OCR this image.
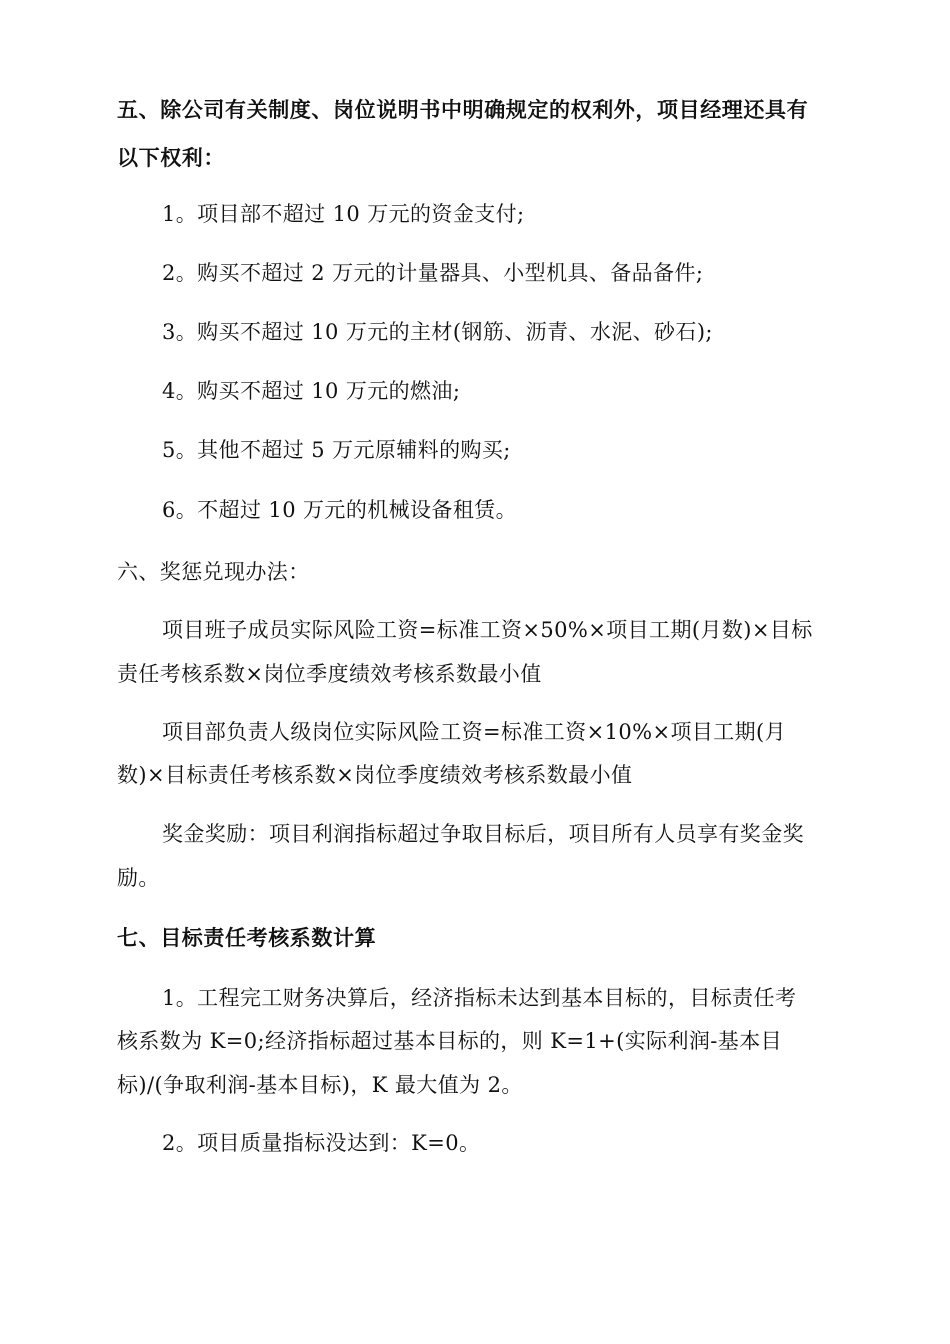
五、除公司有关制度、岗位说明书中明确规定的权利外，项目经理还具有
以下权利：
1。项目部不超过 10 万元的资金支付;
2。购买不超过 2 万元的计量器具、小型机具、备品备件;
3。购买不超过 10 万元的主材(钢筋、沥青、水泥、砂石);
4。购买不超过 10 万元的燃油;
5。其他不超过 5 万元原辅料的购买;
6。不超过 10 万元的机械设备租赁。
六、奖惩兑现办法：
项目班子成员实际风险工资=标准工资×50%×项目工期(月数)×目标
责任考核系数×岗位季度绩效考核系数最小值
项目部负责人级岗位实际风险工资=标准工资×10%×项目工期(月
数)×目标责任考核系数×岗位季度绩效考核系数最小值
奖金奖励：项目利润指标超过争取目标后，项目所有人员享有奖金奖
励。
七、目标责任考核系数计算
1。工程完工财务决算后，经济指标未达到基本目标的，目标责任考
核系数为 K=0;经济指标超过基本目标的，则 K=1+(实际利润-基本目
标)/(争取利润-基本目标)，K 最大值为 2。
2。项目质量指标没达到：K=0。
